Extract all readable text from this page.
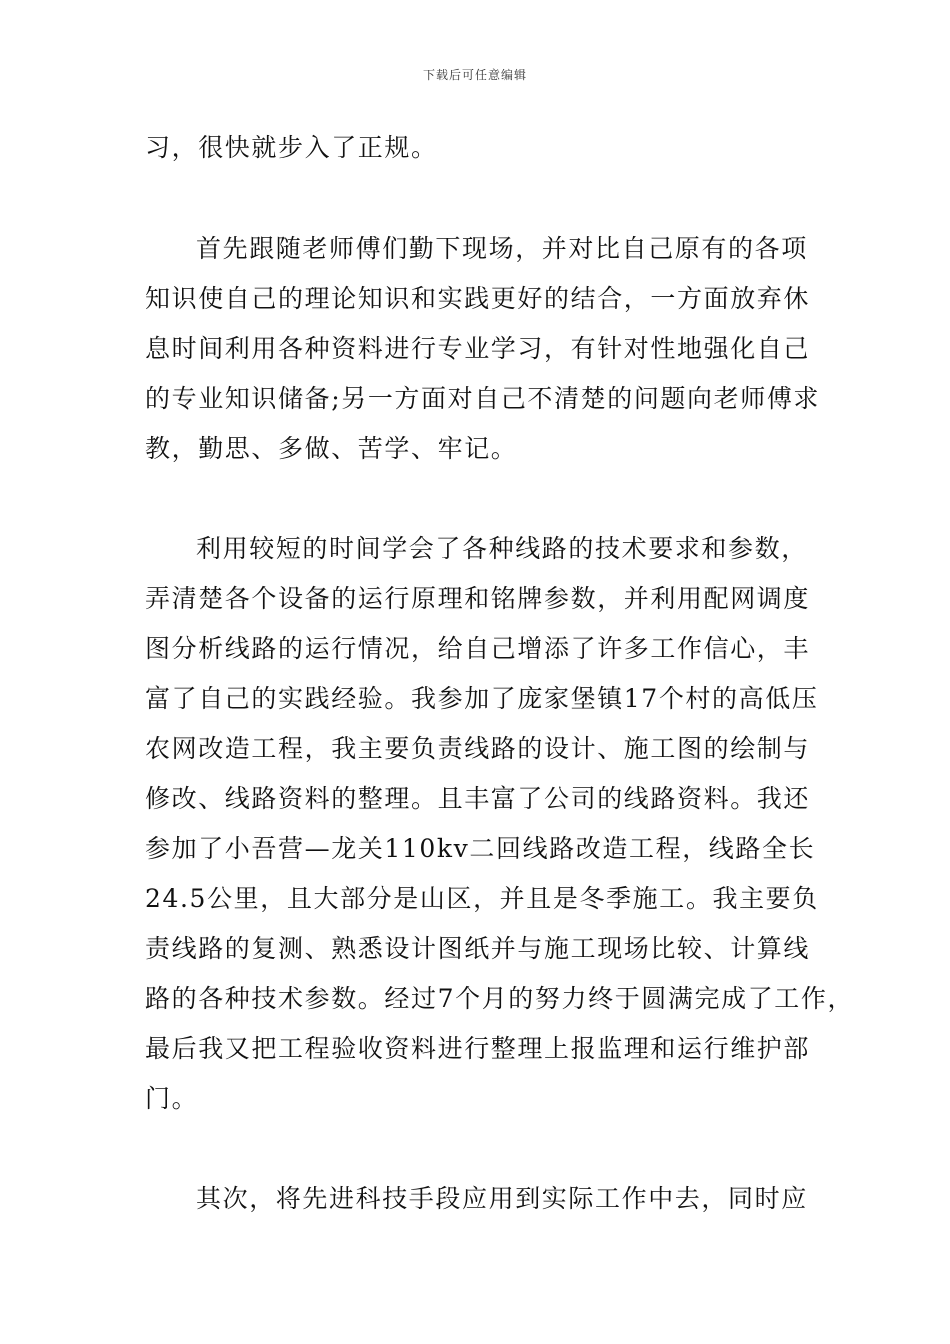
下载后可任意编辑
习，很快就步入了正规。
首先跟随老师傅们勤下现场，并对比自己原有的各项
知识使自己的理论知识和实践更好的结合，一方面放弃休
息时间利用各种资料进行专业学习，有针对性地强化自己
的专业知识储备;另一方面对自己不清楚的问题向老师傅求
教，勤思、多做、苦学、牢记。
利用较短的时间学会了各种线路的技术要求和参数，
弄清楚各个设备的运行原理和铭牌参数，并利用配网调度
图分析线路的运行情况，给自己增添了许多工作信心，丰
富了自己的实践经验。我参加了庞家堡镇17个村的高低压
农网改造工程，我主要负责线路的设计、施工图的绘制与
修改、线路资料的整理。且丰富了公司的线路资料。我还
参加了小吾营—龙关110kv二回线路改造工程，线路全长
24.5公里，且大部分是山区，并且是冬季施工。我主要负
责线路的复测、熟悉设计图纸并与施工现场比较、计算线
路的各种技术参数。经过7个月的努力终于圆满完成了工作，
最后我又把工程验收资料进行整理上报监理和运行维护部
门。
其次，将先进科技手段应用到实际工作中去，同时应
